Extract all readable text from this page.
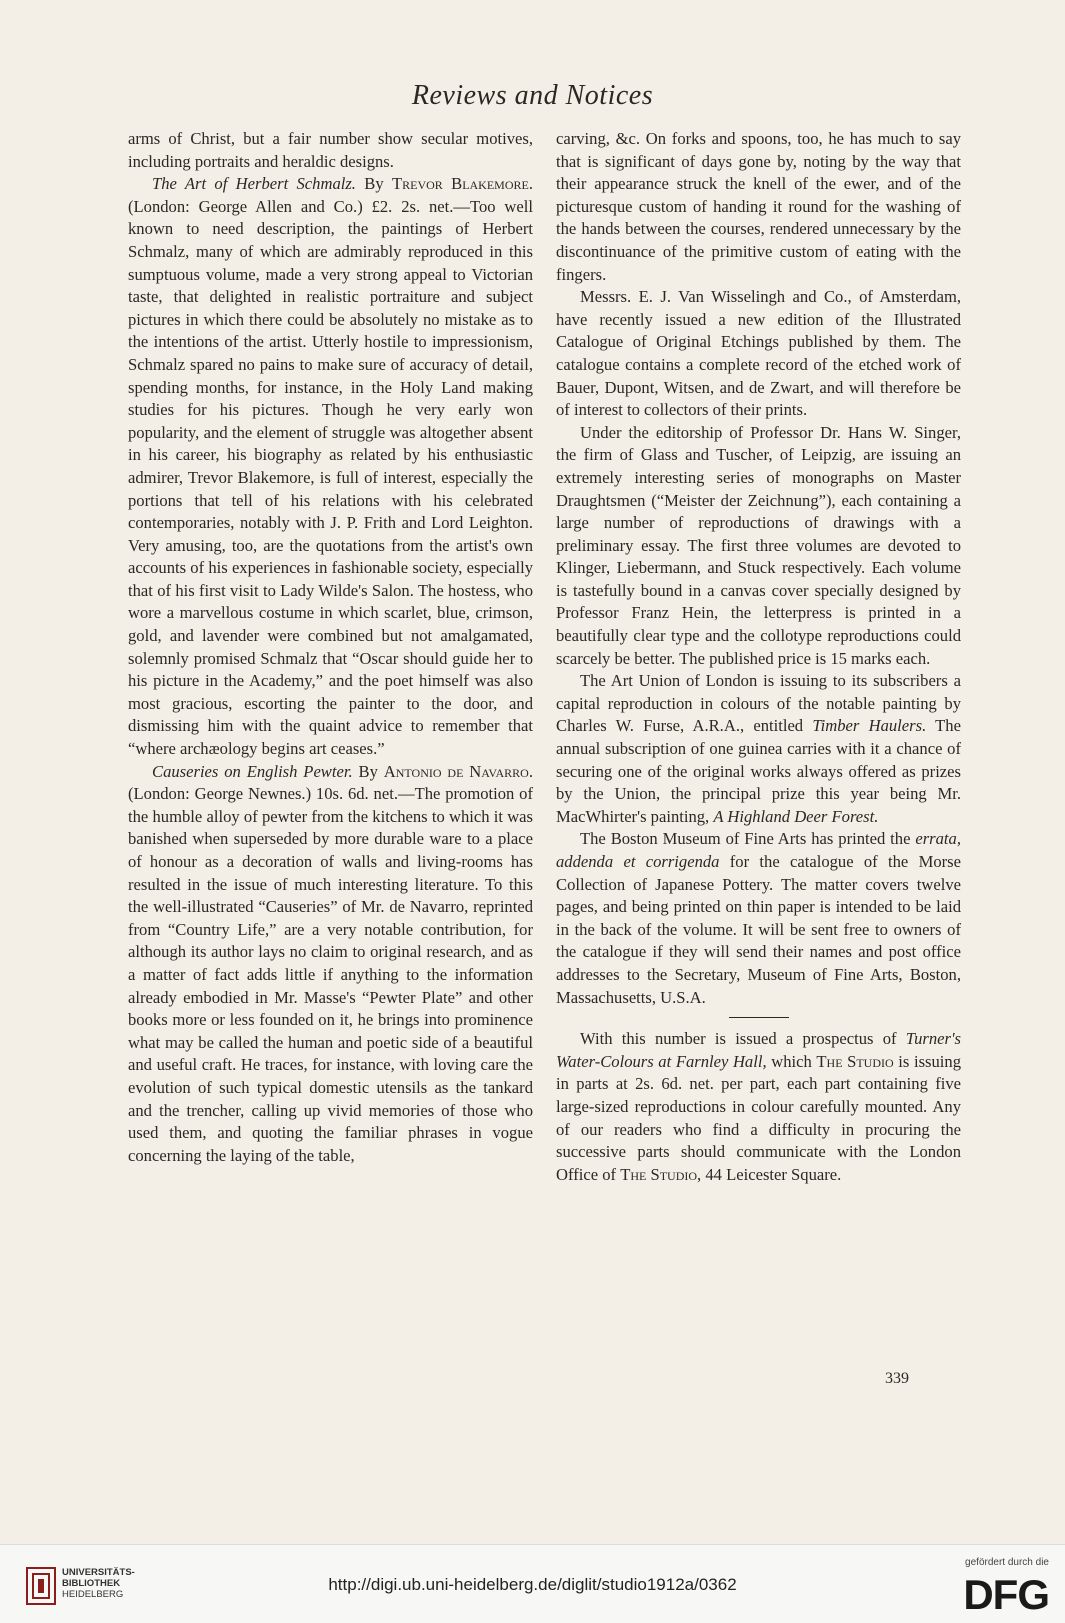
Reviews and Notices

arms of Christ, but a fair number show secular motives, including portraits and heraldic designs.

The Art of Herbert Schmalz. By Trevor Blakemore. (London: George Allen and Co.) £2. 2s. net.—Too well known to need description, the paintings of Herbert Schmalz, many of which are admirably reproduced in this sumptuous volume, made a very strong appeal to Victorian taste, that delighted in realistic portraiture and subject pictures in which there could be absolutely no mistake as to the intentions of the artist. Utterly hostile to impressionism, Schmalz spared no pains to make sure of accuracy of detail, spending months, for instance, in the Holy Land making studies for his pictures. Though he very early won popularity, and the element of struggle was altogether absent in his career, his biography as related by his enthusiastic admirer, Trevor Blakemore, is full of interest, especially the portions that tell of his relations with his celebrated contemporaries, notably with J. P. Frith and Lord Leighton. Very amusing, too, are the quotations from the artist's own accounts of his experiences in fashionable society, especially that of his first visit to Lady Wilde's Salon. The hostess, who wore a marvellous costume in which scarlet, blue, crimson, gold, and lavender were combined but not amalgamated, solemnly promised Schmalz that “Oscar should guide her to his picture in the Academy,” and the poet himself was also most gracious, escorting the painter to the door, and dismissing him with the quaint advice to remember that “where archæology begins art ceases.”

Causeries on English Pewter. By Antonio de Navarro. (London: George Newnes.) 10s. 6d. net.—The promotion of the humble alloy of pewter from the kitchens to which it was banished when superseded by more durable ware to a place of honour as a decoration of walls and living-rooms has resulted in the issue of much interesting literature. To this the well-illustrated “Causeries” of Mr. de Navarro, reprinted from “Country Life,” are a very notable contribution, for although its author lays no claim to original research, and as a matter of fact adds little if anything to the information already embodied in Mr. Masse's “Pewter Plate” and other books more or less founded on it, he brings into prominence what may be called the human and poetic side of a beautiful and useful craft. He traces, for instance, with loving care the evolution of such typical domestic utensils as the tankard and the trencher, calling up vivid memories of those who used them, and quoting the familiar phrases in vogue concerning the laying of the table,

carving, &c. On forks and spoons, too, he has much to say that is significant of days gone by, noting by the way that their appearance struck the knell of the ewer, and of the picturesque custom of handing it round for the washing of the hands between the courses, rendered unnecessary by the discontinuance of the primitive custom of eating with the fingers.

Messrs. E. J. Van Wisselingh and Co., of Amsterdam, have recently issued a new edition of the Illustrated Catalogue of Original Etchings published by them. The catalogue contains a complete record of the etched work of Bauer, Dupont, Witsen, and de Zwart, and will therefore be of interest to collectors of their prints.

Under the editorship of Professor Dr. Hans W. Singer, the firm of Glass and Tuscher, of Leipzig, are issuing an extremely interesting series of monographs on Master Draughtsmen (“Meister der Zeichnung”), each containing a large number of reproductions of drawings with a preliminary essay. The first three volumes are devoted to Klinger, Liebermann, and Stuck respectively. Each volume is tastefully bound in a canvas cover specially designed by Professor Franz Hein, the letterpress is printed in a beautifully clear type and the collotype reproductions could scarcely be better. The published price is 15 marks each.

The Art Union of London is issuing to its subscribers a capital reproduction in colours of the notable painting by Charles W. Furse, A.R.A., entitled Timber Haulers. The annual subscription of one guinea carries with it a chance of securing one of the original works always offered as prizes by the Union, the principal prize this year being Mr. MacWhirter's painting, A Highland Deer Forest.

The Boston Museum of Fine Arts has printed the errata, addenda et corrigenda for the catalogue of the Morse Collection of Japanese Pottery. The matter covers twelve pages, and being printed on thin paper is intended to be laid in the back of the volume. It will be sent free to owners of the catalogue if they will send their names and post office addresses to the Secretary, Museum of Fine Arts, Boston, Massachusetts, U.S.A.

With this number is issued a prospectus of Turner's Water-Colours at Farnley Hall, which The Studio is issuing in parts at 2s. 6d. net. per part, each part containing five large-sized reproductions in colour carefully mounted. Any of our readers who find a difficulty in procuring the successive parts should communicate with the London Office of The Studio, 44 Leicester Square.

339
UNIVERSITÄTS-
BIBLIOTHEK
HEIDELBERG
http://digi.ub.uni-heidelberg.de/diglit/studio1912a/0362
gefördert durch die
DFG
